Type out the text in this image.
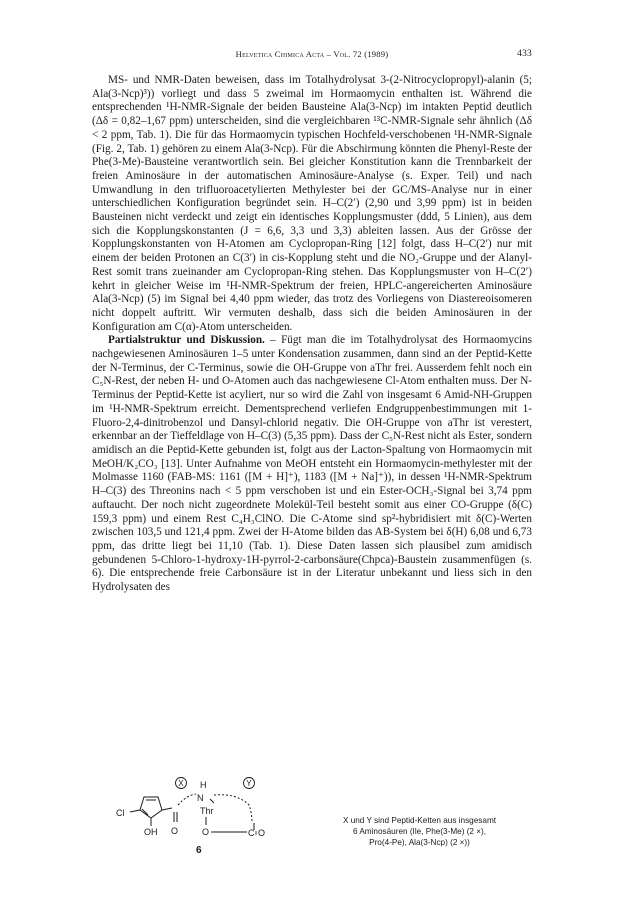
Helvetica Chimica Acta – Vol. 72 (1989)	433

MS- und NMR-Daten beweisen, dass im Totalhydrolysat 3-(2-Nitrocyclopropyl)-alanin (5; Ala(3-Ncp)³)) vorliegt und dass 5 zweimal im Hormaomycin enthalten ist. Während die entsprechenden ¹H-NMR-Signale der beiden Bausteine Ala(3-Ncp) im intakten Peptid deutlich (Δδ = 0,82–1,67 ppm) unterscheiden, sind die vergleichbaren ¹³C-NMR-Signale sehr ähnlich (Δδ < 2 ppm, Tab. 1). Die für das Hormaomycin typischen Hochfeld-verschobenen ¹H-NMR-Signale (Fig. 2, Tab. 1) gehören zu einem Ala(3-Ncp). Für die Abschirmung könnten die Phenyl-Reste der Phe(3-Me)-Bausteine verantwortlich sein. Bei gleicher Konstitution kann die Trennbarkeit der freien Aminosäure in der automatischen Aminosäure-Analyse (s. Exper. Teil) und nach Umwandlung in den trifluoroacetylierten Methylester bei der GC/MS-Analyse nur in einer unterschiedlichen Konfiguration begründet sein. H–C(2′) (2,90 und 3,99 ppm) ist in beiden Bausteinen nicht verdeckt und zeigt ein identisches Kopplungsmuster (ddd, 5 Linien), aus dem sich die Kopplungskonstanten (J = 6,6, 3,3 und 3,3) ableiten lassen. Aus der Grösse der Kopplungskonstanten von H-Atomen am Cyclopropan-Ring [12] folgt, dass H–C(2′) nur mit einem der beiden Protonen an C(3′) in cis-Kopplung steht und die NO₂-Gruppe und der Alanyl-Rest somit trans zueinander am Cyclopropan-Ring stehen. Das Kopplungsmuster von H–C(2′) kehrt in gleicher Weise im ¹H-NMR-Spektrum der freien, HPLC-angereicherten Aminosäure Ala(3-Ncp) (5) im Signal bei 4,40 ppm wieder, das trotz des Vorliegens von Diastereoisomeren nicht doppelt auftritt. Wir vermuten deshalb, dass sich die beiden Aminosäuren in der Konfiguration am C(α)-Atom unterscheiden.

Partialstruktur und Diskussion. – Fügt man die im Totalhydrolysat des Hormaomycins nachgewiesenen Aminosäuren 1–5 unter Kondensation zusammen, dann sind an der Peptid-Kette der N-Terminus, der C-Terminus, sowie die OH-Gruppe von aThr frei. Ausserdem fehlt noch ein C₅N-Rest, der neben H- und O-Atomen auch das nachgewiesene Cl-Atom enthalten muss. Der N-Terminus der Peptid-Kette ist acyliert, nur so wird die Zahl von insgesamt 6 Amid-NH-Gruppen im ¹H-NMR-Spektrum erreicht. Dementsprechend verliefen Endgruppenbestimmungen mit 1-Fluoro-2,4-dinitrobenzol und Dansyl-chlorid negativ. Die OH-Gruppe von aThr ist verestert, erkennbar an der Tieffeldlage von H–C(3) (5,35 ppm). Dass der C₅N-Rest nicht als Ester, sondern amidisch an die Peptid-Kette gebunden ist, folgt aus der Lacton-Spaltung von Hormaomycin mit MeOH/K₂CO₃ [13]. Unter Aufnahme von MeOH entsteht ein Hormaomycin-methylester mit der Molmasse 1160 (FAB-MS: 1161 ([M + H]⁺), 1183 ([M + Na]⁺)), in dessen ¹H-NMR-Spektrum H–C(3) des Threonins nach < 5 ppm verschoben ist und ein Ester-OCH₃-Signal bei 3,74 ppm auftaucht. Der noch nicht zugeordnete Molekül-Teil besteht somit aus einer CO-Gruppe (δ(C) 159,3 ppm) und einem Rest C₄H₃ClNO. Die C-Atome sind sp²-hybridisiert mit δ(C)-Werten zwischen 103,5 und 121,4 ppm. Zwei der H-Atome bilden das AB-System bei δ(H) 6,08 und 6,73 ppm, das dritte liegt bei 11,10 (Tab. 1). Diese Daten lassen sich plausibel zum amidisch gebundenen 5-Chloro-1-hydroxy-1H-pyrrol-2-carbonsäure(Chpca)-Baustein zusammenfügen (s. 6). Die entsprechende freie Carbonsäure ist in der Literatur unbekannt und liess sich in den Hydrolysaten des

X	Y
H
N
Thr
Cl
OH O	O	C O
6
X und Y sind Peptid-Ketten aus insgesamt
6 Aminosäuren (Ile, Phe(3-Me) (2 ×),
Pro(4-Pe), Ala(3-Ncp) (2 ×))
